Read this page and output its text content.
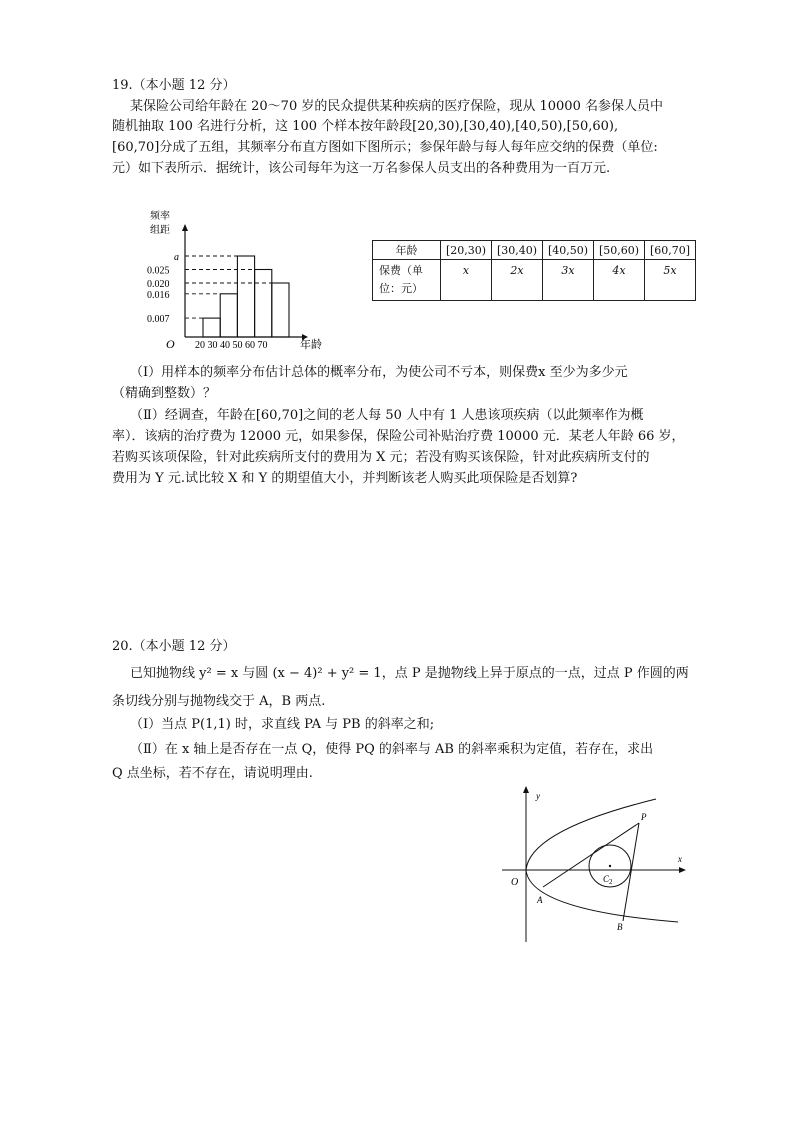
19.（本小题 12 分）
某保险公司给年龄在 20～70 岁的民众提供某种疾病的医疗保险，现从 10000 名参保人员中
随机抽取 100 名进行分析，这 100 个样本按年龄段[20,30),[30,40),[40,50),[50,60),
[60,70]分成了五组，其频率分布直方图如下图所示；参保年龄与每人每年应交纳的保费（单位:
元）如下表所示．据统计，该公司每年为这一万名参保人员支出的各种费用为一百万元.
频率
组距
a
0.025
0.020
0.016
0.007
O 20 30 40 50 60 70	年龄
年龄	[20,30)	[30,40)	[40,50)	[50,60)	[60,70]
保费（单
位：元）	x	2x	3x	4x	5x
（Ⅰ）用样本的频率分布估计总体的概率分布，为使公司不亏本，则保费x 至少为多少元
（精确到整数）？
（Ⅱ）经调查，年龄在[60,70]之间的老人每 50 人中有 1 人患该项疾病（以此频率作为概
率）．该病的治疗费为 12000 元，如果参保，保险公司补贴治疗费 10000 元．某老人年龄 66 岁，
若购买该项保险，针对此疾病所支付的费用为 X 元；若没有购买该保险，针对此疾病所支付的
费用为 Y 元.试比较 X 和 Y 的期望值大小，并判断该老人购买此项保险是否划算?
20.（本小题 12 分）
已知抛物线 y² = x 与圆 (x − 4)² + y² = 1，点 P 是抛物线上异于原点的一点，过点 P 作圆的两
条切线分别与抛物线交于 A，B 两点.
（Ⅰ）当点 P(1,1) 时，求直线 PA 与 PB 的斜率之和;
（Ⅱ）在 x 轴上是否存在一点 Q，使得 PQ 的斜率与 AB 的斜率乘积为定值，若存在，求出
Q 点坐标，若不存在，请说明理由.
y
x
O
P
A
B
$C_2$
